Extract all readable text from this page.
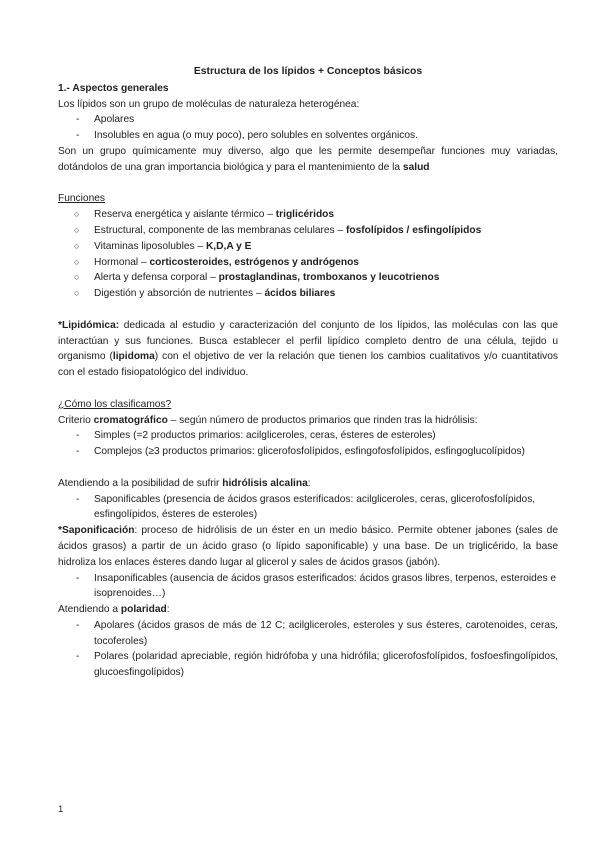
Estructura de los lípidos + Conceptos básicos

1.- Aspectos generales

Los lípidos son un grupo de moléculas de naturaleza heterogénea:

- Apolares
- Insolubles en agua (o muy poco), pero solubles en solventes orgánicos.

Son un grupo químicamente muy diverso, algo que les permite desempeñar funciones muy variadas, dotándolos de una gran importancia biológica y para el mantenimiento de la salud

Funciones

○ Reserva energética y aislante térmico – triglicéridos
○ Estructural, componente de las membranas celulares – fosfolípidos / esfingolípidos
○ Vitaminas liposolubles – K,D,A y E
○ Hormonal – corticosteroides, estrógenos y andrógenos
○ Alerta y defensa corporal – prostaglandinas, tromboxanos y leucotrienos
○ Digestión y absorción de nutrientes – ácidos biliares

*Lipidómica: dedicada al estudio y caracterización del conjunto de los lípidos, las moléculas con las que interactúan y sus funciones. Busca establecer el perfil lipídico completo dentro de una célula, tejido u organismo (lipidoma) con el objetivo de ver la relación que tienen los cambios cualitativos y/o cuantitativos con el estado fisiopatológico del individuo.

¿Cómo los clasificamos?

Criterio cromatográfico – según número de productos primarios que rinden tras la hidrólisis:

- Simples (=2 productos primarios: acilgliceroles, ceras, ésteres de esteroles)
- Complejos (≥3 productos primarios: glicerofosfolípidos, esfingofosfolípidos, esfingoglucolípidos)

Atendiendo a la posibilidad de sufrir hidrólisis alcalina:

- Saponificables (presencia de ácidos grasos esterificados: acilgliceroles, ceras, glicerofosfolípidos, esfingolípidos, ésteres de esteroles)

*Saponificación: proceso de hidrólisis de un éster en un medio básico. Permite obtener jabones (sales de ácidos grasos) a partir de un ácido graso (o lípido saponificable) y una base. De un triglicérido, la base hidroliza los enlaces ésteres dando lugar al glicerol y sales de ácidos grasos (jabón).

- Insaponificables (ausencia de ácidos grasos esterificados: ácidos grasos libres, terpenos, esteroides e isoprenoides…)

Atendiendo a polaridad:

- Apolares (ácidos grasos de más de 12 C; acilgliceroles, esteroles y sus ésteres, carotenoides, ceras, tocoferoles)
- Polares (polaridad apreciable, región hidrófoba y una hidrófila; glicerofosfolípidos, fosfoesfingolípidos, glucoesfingolípidos)
1
